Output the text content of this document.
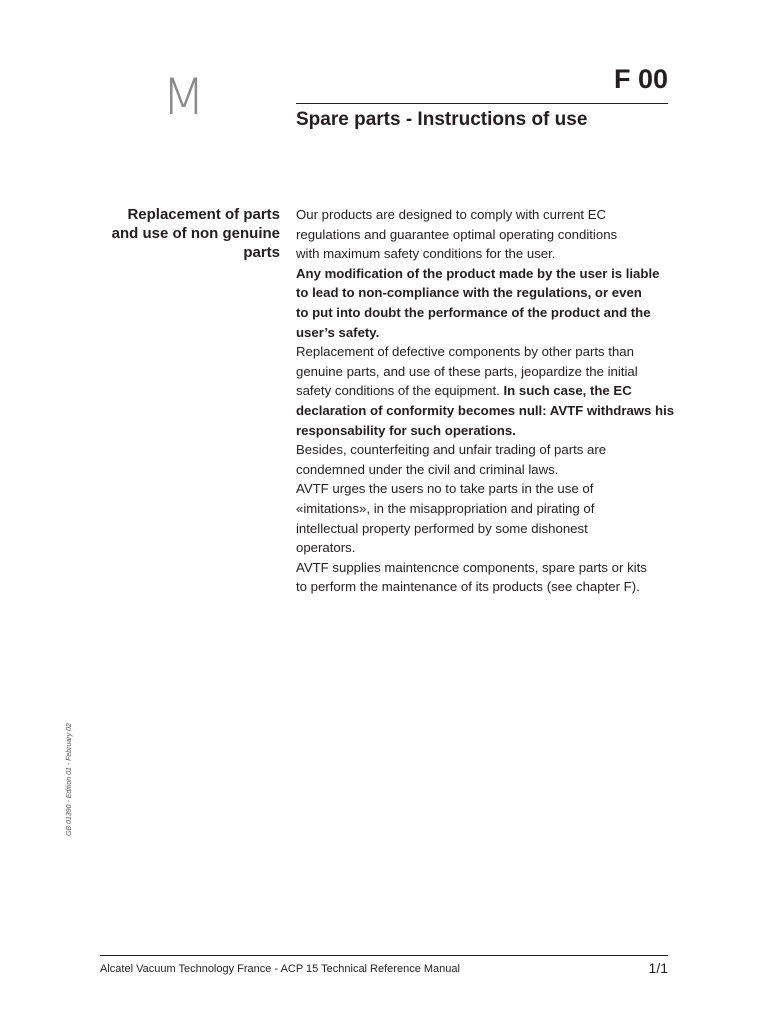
M	F 00
Spare parts - Instructions of use
Replacement of parts
and use of non genuine
parts

Our products are designed to comply with current EC
regulations and guarantee optimal operating conditions
with maximum safety conditions for the user.

Any modification of the product made by the user is liable
to lead to non-compliance with the regulations, or even
to put into doubt the performance of the product and the
user’s safety.

Replacement of defective components by other parts than
genuine parts, and use of these parts, jeopardize the initial
safety conditions of the equipment. In such case, the EC
declaration of conformity becomes null: AVTF withdraws his
responsability for such operations.

Besides, counterfeiting and unfair trading of parts are
condemned under the civil and criminal laws.

AVTF urges the users no to take parts in the use of
«imitations», in the misappropriation and pirating of
intellectual property performed by some dishonest
operators.

AVTF supplies maintencnce components, spare parts or kits
to perform the maintenance of its products (see chapter F).

GB 01390 - Edition 01 - February 02
Alcatel Vacuum Technology France - ACP 15 Technical Reference Manual	1/1
